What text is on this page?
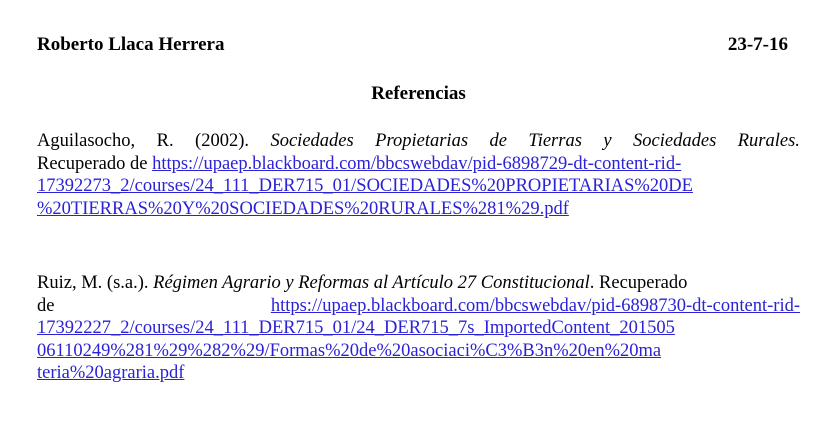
Roberto Llaca Herrera	23-7-16
Referencias
Aguilasocho, R. (2002). Sociedades Propietarias de Tierras y Sociedades Rurales.
Recuperado de https://upaep.blackboard.com/bbcswebdav/pid-6898729-dt-content-rid-
17392273_2/courses/24_111_DER715_01/SOCIEDADES%20PROPIETARIAS%20DE
%20TIERRAS%20Y%20SOCIEDADES%20RURALES%281%29.pdf
Ruiz, M. (s.a.). Régimen Agrario y Reformas al Artículo 27 Constitucional. Recuperado
de	https://upaep.blackboard.com/bbcswebdav/pid-6898730-dt-content-rid-
17392227_2/courses/24_111_DER715_01/24_DER715_7s_ImportedContent_201505
06110249%281%29%282%29/Formas%20de%20asociaci%C3%B3n%20en%20ma
teria%20agraria.pdf
